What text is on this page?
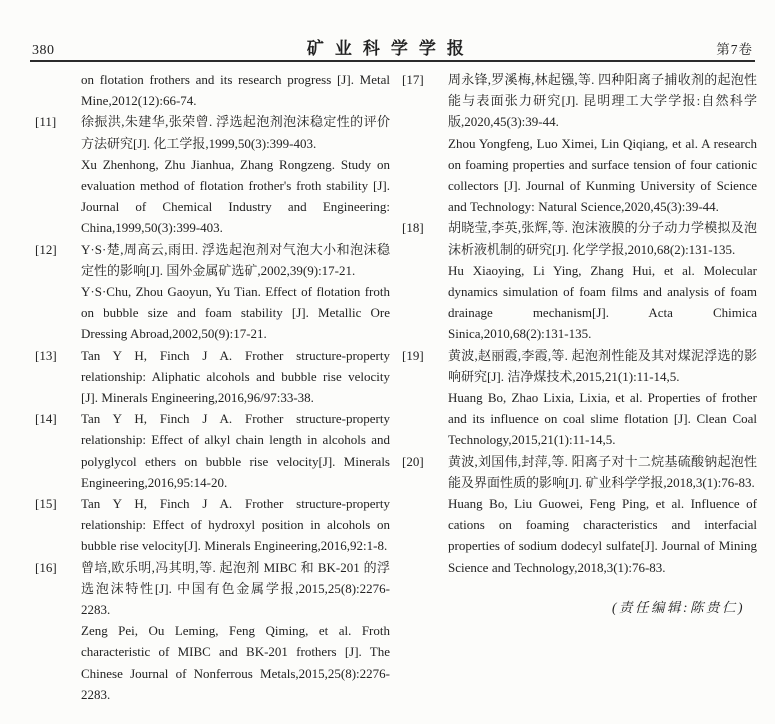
380	矿业科学学报	第7卷
on flotation frothers and its research progress [J]. Metal Mine,2012(12):66-74.
[11]	徐振洪,朱建华,张荣曾. 浮选起泡剂泡沫稳定性的评价方法研究[J]. 化工学报,1999,50(3):399-403.
Xu Zhenhong, Zhu Jianhua, Zhang Rongzeng. Study on evaluation method of flotation frother's froth stability [J]. Journal of Chemical Industry and Engineering: China,1999,50(3):399-403.
[12]	Y·S·楚,周高云,雨田. 浮选起泡剂对气泡大小和泡沫稳定性的影响[J]. 国外金属矿选矿,2002,39(9):17-21.
Y·S·Chu, Zhou Gaoyun, Yu Tian. Effect of flotation froth on bubble size and foam stability [J]. Metallic Ore Dressing Abroad,2002,50(9):17-21.
[13]	Tan Y H, Finch J A. Frother structure-property relationship: Aliphatic alcohols and bubble rise velocity [J]. Minerals Engineering,2016,96/97:33-38.
[14]	Tan Y H, Finch J A. Frother structure-property relationship: Effect of alkyl chain length in alcohols and polyglycol ethers on bubble rise velocity[J]. Minerals Engineering,2016,95:14-20.
[15]	Tan Y H, Finch J A. Frother structure-property relationship: Effect of hydroxyl position in alcohols on bubble rise velocity[J]. Minerals Engineering,2016,92:1-8.
[16]	曾培,欧乐明,冯其明,等. 起泡剂 MIBC 和 BK-201 的浮选泡沫特性[J]. 中国有色金属学报,2015,25(8):2276-2283.
Zeng Pei, Ou Leming, Feng Qiming, et al. Froth characteristic of MIBC and BK-201 frothers [J]. The Chinese Journal of Nonferrous Metals,2015,25(8):2276-2283.
[17]	周永锋,罗溪梅,林起镪,等. 四种阳离子捕收剂的起泡性能与表面张力研究[J]. 昆明理工大学学报:自然科学版,2020,45(3):39-44.
Zhou Yongfeng, Luo Ximei, Lin Qiqiang, et al. A research on foaming properties and surface tension of four cationic collectors [J]. Journal of Kunming University of Science and Technology: Natural Science,2020,45(3):39-44.
[18]	胡晓莹,李英,张辉,等. 泡沫液膜的分子动力学模拟及泡沫析液机制的研究[J]. 化学学报,2010,68(2):131-135.
Hu Xiaoying, Li Ying, Zhang Hui, et al. Molecular dynamics simulation of foam films and analysis of foam drainage mechanism[J]. Acta Chimica Sinica,2010,68(2):131-135.
[19]	黄波,赵丽霞,李霞,等. 起泡剂性能及其对煤泥浮选的影响研究[J]. 洁净煤技术,2015,21(1):11-14,5.
Huang Bo, Zhao Lixia, Lixia, et al. Properties of frother and its influence on coal slime flotation [J]. Clean Coal Technology,2015,21(1):11-14,5.
[20]	黄波,刘国伟,封萍,等. 阳离子对十二烷基硫酸钠起泡性能及界面性质的影响[J]. 矿业科学学报,2018,3(1):76-83.
Huang Bo, Liu Guowei, Feng Ping, et al. Influence of cations on foaming characteristics and interfacial properties of sodium dodecyl sulfate[J]. Journal of Mining Science and Technology,2018,3(1):76-83.
(责任编辑:陈贵仁)
